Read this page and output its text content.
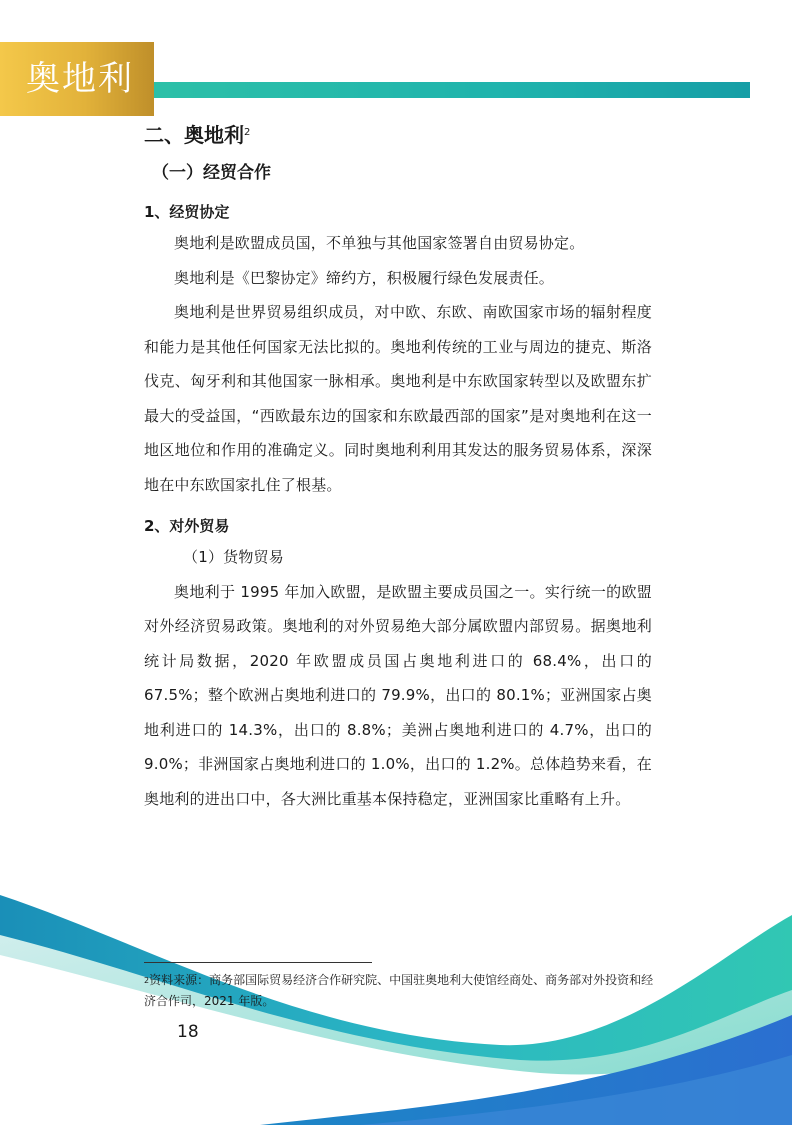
奥地利
二、奥地利$^2$
（一）经贸合作
1、经贸协定

奥地利是欧盟成员国，不单独与其他国家签署自由贸易协定。

奥地利是《巴黎协定》缔约方，积极履行绿色发展责任。

奥地利是世界贸易组织成员，对中欧、东欧、南欧国家市场的辐射程度和能力是其他任何国家无法比拟的。奥地利传统的工业与周边的捷克、斯洛伐克、匈牙利和其他国家一脉相承。奥地利是中东欧国家转型以及欧盟东扩最大的受益国，“西欧最东边的国家和东欧最西部的国家”是对奥地利在这一地区地位和作用的准确定义。同时奥地利利用其发达的服务贸易体系，深深地在中东欧国家扎住了根基。

2、对外贸易

（1）货物贸易

奥地利于 1995 年加入欧盟，是欧盟主要成员国之一。实行统一的欧盟对外经济贸易政策。奥地利的对外贸易绝大部分属欧盟内部贸易。据奥地利统计局数据，2020 年欧盟成员国占奥地利进口的 68.4%，出口的 67.5%；整个欧洲占奥地利进口的 79.9%，出口的 80.1%；亚洲国家占奥地利进口的 14.3%，出口的 8.8%；美洲占奥地利进口的 4.7%，出口的 9.0%；非洲国家占奥地利进口的 1.0%，出口的 1.2%。总体趋势来看，在奥地利的进出口中，各大洲比重基本保持稳定，亚洲国家比重略有上升。

$^2$资料来源：商务部国际贸易经济合作研究院、中国驻奥地利大使馆经商处、商务部对外投资和经济合作司，2021 年版。
18
